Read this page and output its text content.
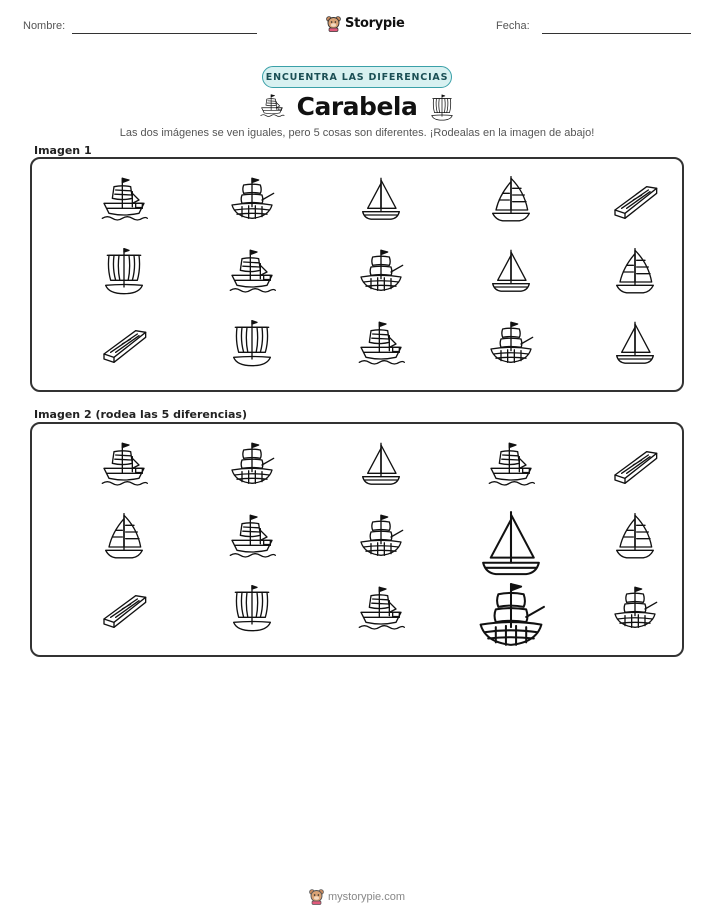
Nombre:	Storypie	Fecha:
ENCUENTRA LAS DIFERENCIAS
Carabela
Las dos imágenes se ven iguales, pero 5 cosas son diferentes. ¡Rodealas en la imagen de abajo!
Imagen 1
Imagen 2 (rodea las 5 diferencias)
mystorypie.com
